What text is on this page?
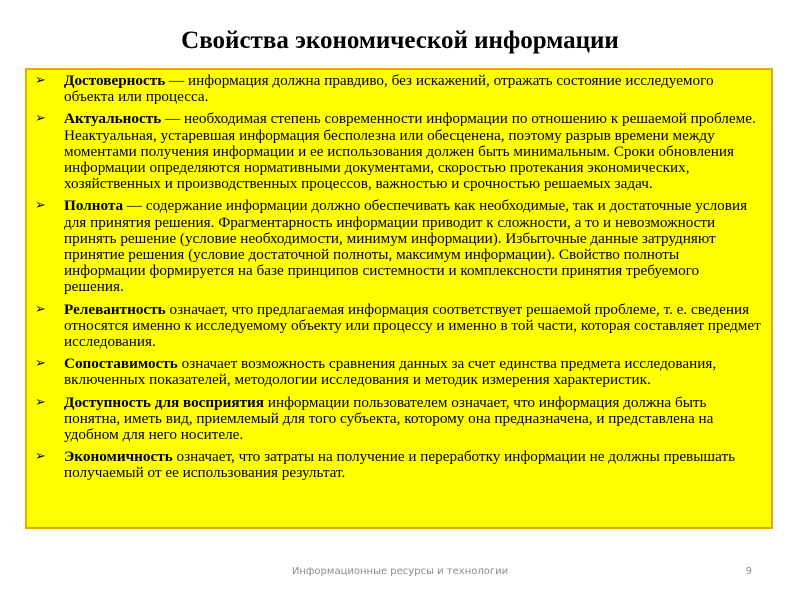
Свойства экономической информации
➢ Достоверность — информация должна правдиво, без искажений, отражать состояние исследуемого объекта или процесса.
➢ Актуальность — необходимая степень современности информации по отношению к решаемой проблеме. Неактуальная, устаревшая информация бесполезна или обесценена, поэтому разрыв времени между моментами получения информации и ее использования должен быть минимальным. Сроки обновления информации определяются нормативными документами, скоростью протекания экономических, хозяйственных и производственных процессов, важностью и срочностью решаемых задач.
➢ Полнота — содержание информации должно обеспечивать как необходимые, так и достаточные условия для принятия решения. Фрагментарность информации приводит к сложности, а то и невозможности принять решение (условие необходимости, минимум информации). Избыточные данные затрудняют принятие решения (условие достаточной полноты, максимум информации). Свойство полноты информации формируется на базе принципов системности и комплексности принятия требуемого решения.
➢ Релевантность означает, что предлагаемая информация соответствует решаемой проблеме, т. е. сведения относятся именно к исследуемому объекту или процессу и именно в той части, которая составляет предмет исследования.
➢ Сопоставимость означает возможность сравнения данных за счет единства предмета исследования, включенных показателей, методологии исследования и методик измерения характеристик.
➢ Доступность для восприятия информации пользователем означает, что информация должна быть понятна, иметь вид, приемлемый для того субъекта, которому она предназначена, и представлена на удобном для него носителе.
➢ Экономичность означает, что затраты на получение и переработку информации не должны превышать получаемый от ее использования результат.
Информационные ресурсы и технологии	9
